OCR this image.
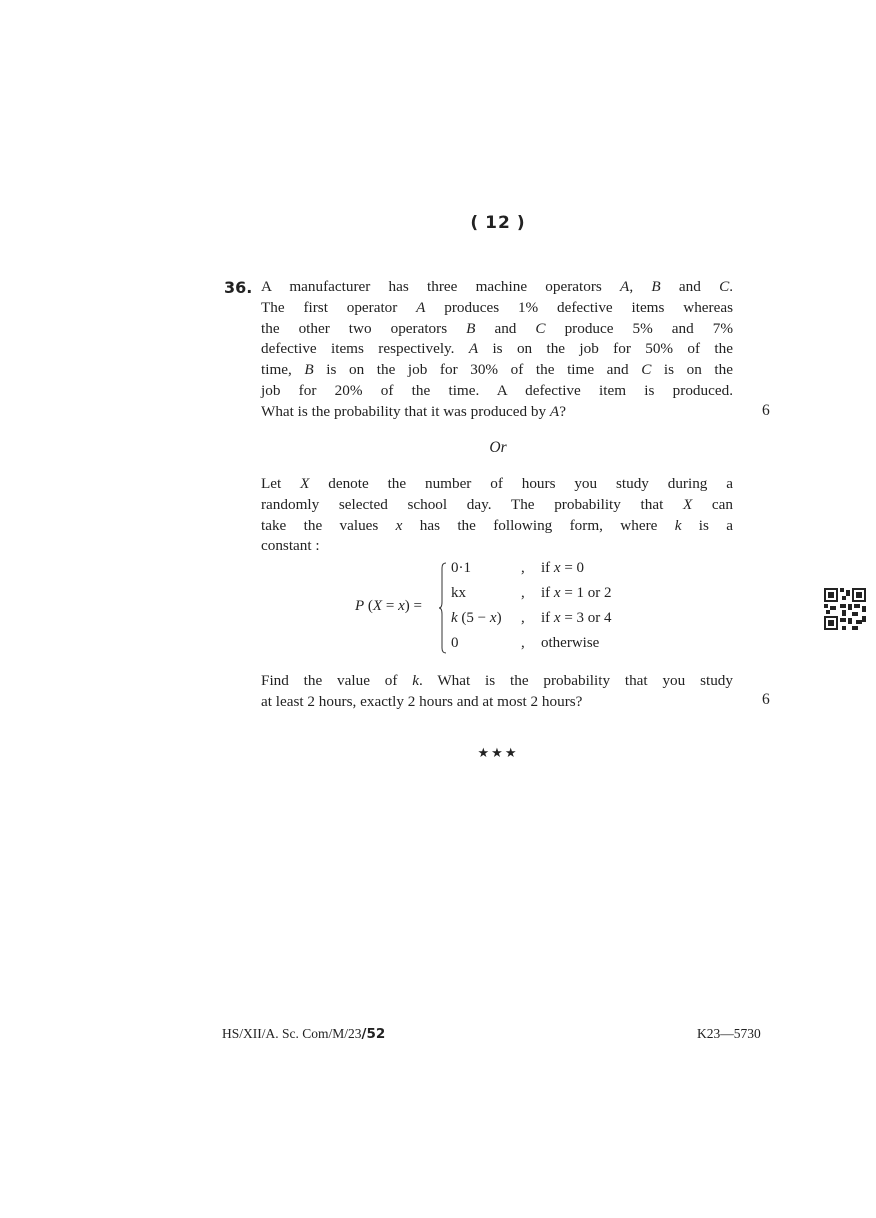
( 12 )
36. A manufacturer has three machine operators A, B and C.
The first operator A produces 1% defective items whereas
the other two operators B and C produce 5% and 7%
defective items respectively. A is on the job for 50% of the
time, B is on the job for 30% of the time and C is on the
job for 20% of the time. A defective item is produced.
What is the probability that it was produced by A?	6
Or
Let X denote the number of hours you study during a
randomly selected school day. The probability that X can
take the values x has the following form, where k is a
constant :
P (X = x) =
0·1	, if x = 0
kx	, if x = 1 or 2
k (5 − x) , if x = 3 or 4
0	, otherwise
Find the value of k. What is the probability that you study
at least 2 hours, exactly 2 hours and at most 2 hours?	6
★★★
HS/XII/A. Sc. Com/M/23/52	K23—5730
